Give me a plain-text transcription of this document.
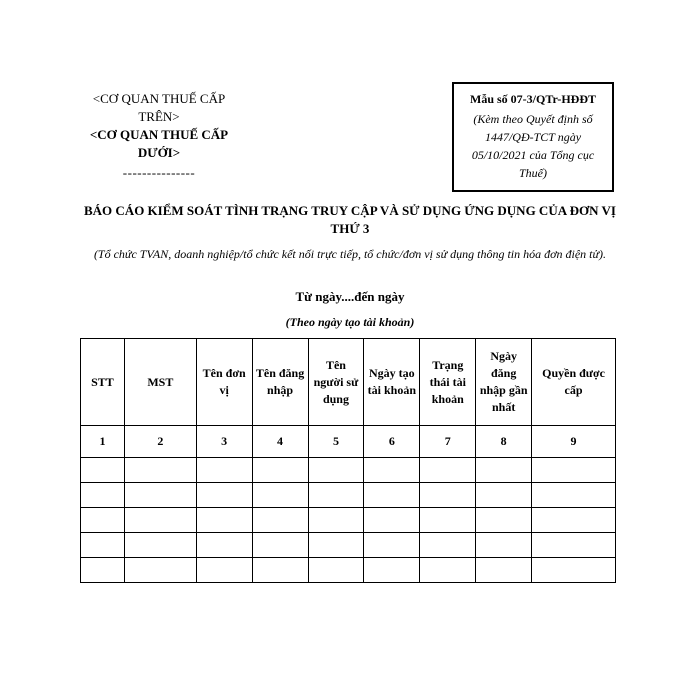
<CƠ QUAN THUẾ CẤP TRÊN>
<CƠ QUAN THUẾ CẤP DƯỚI>
---------------
Mẫu số 07-3/QTr-HĐĐT
(Kèm theo Quyết định số 1447/QĐ-TCT ngày 05/10/2021 của Tổng cục Thuế)
BÁO CÁO KIỂM SOÁT TÌNH TRẠNG TRUY CẬP VÀ SỬ DỤNG ỨNG DỤNG CỦA ĐƠN VỊ THỨ 3
(Tổ chức TVAN, doanh nghiệp/tổ chức kết nối trực tiếp, tổ chức/đơn vị sử dụng thông tin hóa đơn điện tử).
Từ ngày....đến ngày
(Theo ngày tạo tài khoản)
STT	MST	Tên đơn vị	Tên đăng nhập	Tên người sử dụng	Ngày tạo tài khoản	Trạng thái tài khoản	Ngày đăng nhập gần nhất	Quyền được cấp
1	2	3	4	5	6	7	8	9
